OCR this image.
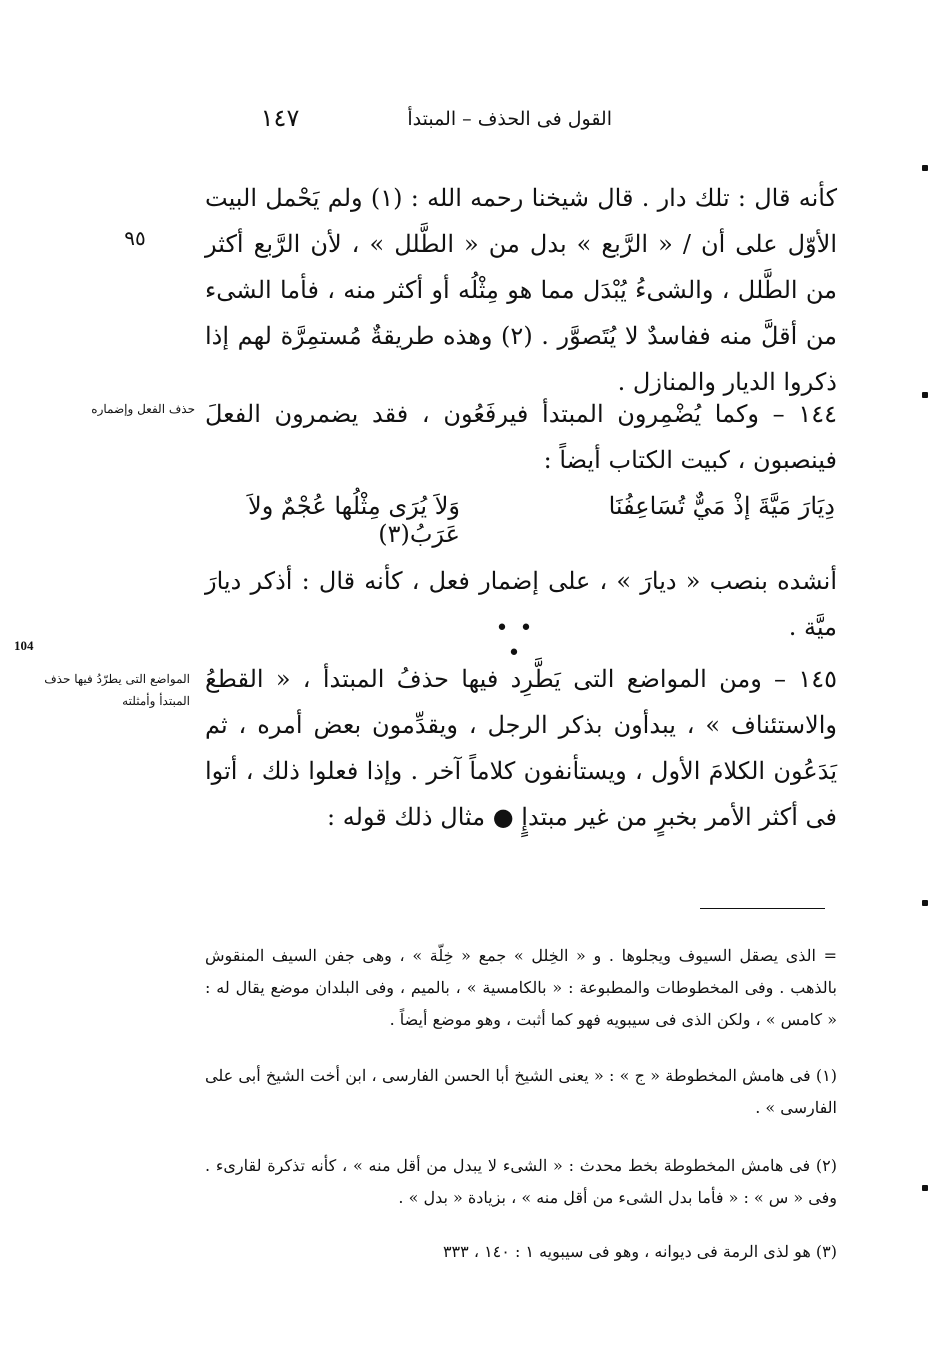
القول فى الحذف – المبتدأ
١٤٧
كأنه قال : تلك دار . قال شيخنا رحمه الله : (١) ولم يَحْمل البيت الأوّل على أن / « الرَّبع » بدل من « الطَّلل » ، لأن الرَّبع أكثر من الطَّلل ، والشىءُ يُبْدَل مما هو مِثْلُه أو أكثر منه ، فأما الشىء من أقلَّ منه ففاسدٌ لا يُتَصوَّر . (٢) وهذه طريقةٌ مُستمِرَّة لهم إذا ذكروا الديار والمنازل .
٩٥
١٤٤ – وكما يُضْمِرون المبتدأ فيرفَعُون ، فقد يضمرون الفعلَ فينصبون ، كبيت الكتاب أيضاً :
حذف الفعل وإضماره
دِيَارَ مَيَّةَ إذْ مَيٌّ تُسَاعِفُنَا
وَلاَ يُرَى مِثْلُها عُجْمٌ ولاَ عَرَبُ(٣)
أنشده بنصب « ديارَ » ، على إضمار فعل ، كأنه قال : أذكر ديارَ ميَّة .
• • •
104
١٤٥ – ومن المواضع التى يَطَّرِد فيها حذفُ المبتدأ ، « القطعُ والاستئناف » ، يبدأون بذكر الرجل ، ويقدِّمون بعض أمره ، ثم يَدَعُون الكلامَ الأول ، ويستأنفون كلاماً آخر . وإذا فعلوا ذلك ، أتوا فى أكثر الأمر بخبرٍ من غير مبتدإٍ ● مثال ذلك قوله :
المواضع التى يطرّدُ فيها حذف المبتدأ وأمثلته
= الذى يصقل السيوف ويجلوها . و « الخِلل » جمع « خِلّة » ، وهى جفن السيف المنقوش بالذهب . وفى المخطوطات والمطبوعة : « بالكامسية » ، بالميم ، وفى البلدان موضع يقال له : « كامس » ، ولكن الذى فى سيبويه فهو كما أثبت ، وهو موضع أيضاً .
(١) فى هامش المخطوطة « ج » : « يعنى الشيخ أبا الحسن الفارسى ، ابن أخت الشيخ أبى على الفارسى » .
(٢) فى هامش المخطوطة بخط محدث : « الشىء لا يبدل من أقل منه » ، كأنه تذكرة لقارىء . وفى « س » : « فأما بدل الشىء من أقل منه » ، بزيادة « بدل » .
(٣) هو لذى الرمة فى ديوانه ، وهو فى سيبويه ١ : ١٤٠ ، ٣٣٣
